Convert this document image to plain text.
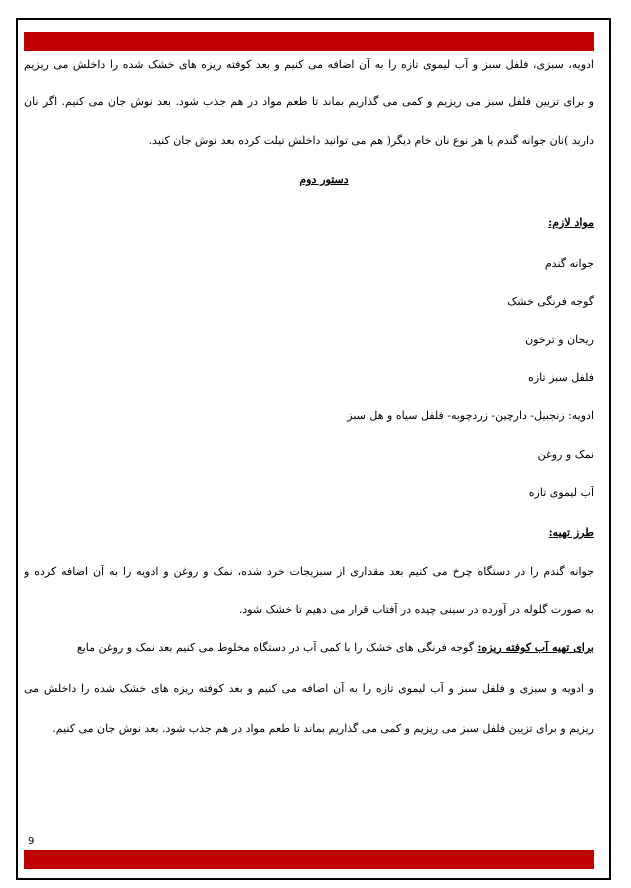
ادویه، سبزی، فلفل سبز و آب لیموی تازه را به آن اضافه می کنیم و بعد کوفته ریزه های خشک شده را داخلش می ریزیم
و برای تزیین فلفل سبز می ریزیم و کمی می گذاریم بماند تا طعم مواد در هم جذب شود. بعد نوش جان می کنیم. اگر نان
دارید )نان جوانه گندم یا هر نوع نان خام دیگر( هم می توانید داخلش تیلت کرده بعد نوش جان کنید.
دستور دوم
مواد لازم:
جوانه گندم
گوجه فرنگی خشک
ریحان و ترخون
فلفل سبز تازه
ادویه: زنجبیل- دارچین- زردچوبه- فلفل سیاه و هل سبز
نمک و روغن
آب لیموی تازه
طرز تهیه:
جوانه گندم را در دستگاه چرخ می کنیم بعد مقداری از سبزیجات خرد شده، نمک و روغن و ادویه را به آن اضافه کرده و
به صورت گلوله در آورده در سینی چیده در آفتاب قرار می دهیم تا خشک شود.
برای تهیه آب کوفته ریزه: گوجه فرنگی های خشک را با کمی آب در دستگاه مخلوط می کنیم بعد نمک و روغن مایع
و ادویه و سبزی و فلفل سبز و آب لیموی تازه را به آن اضافه می کنیم و بعد کوفته ریزه های خشک شده را داخلش می
ریزیم و برای تزیین فلفل سبز می ریزیم و کمی می گذاریم بماند تا طعم مواد در هم جذب شود. بعد نوش جان می کنیم.
9
